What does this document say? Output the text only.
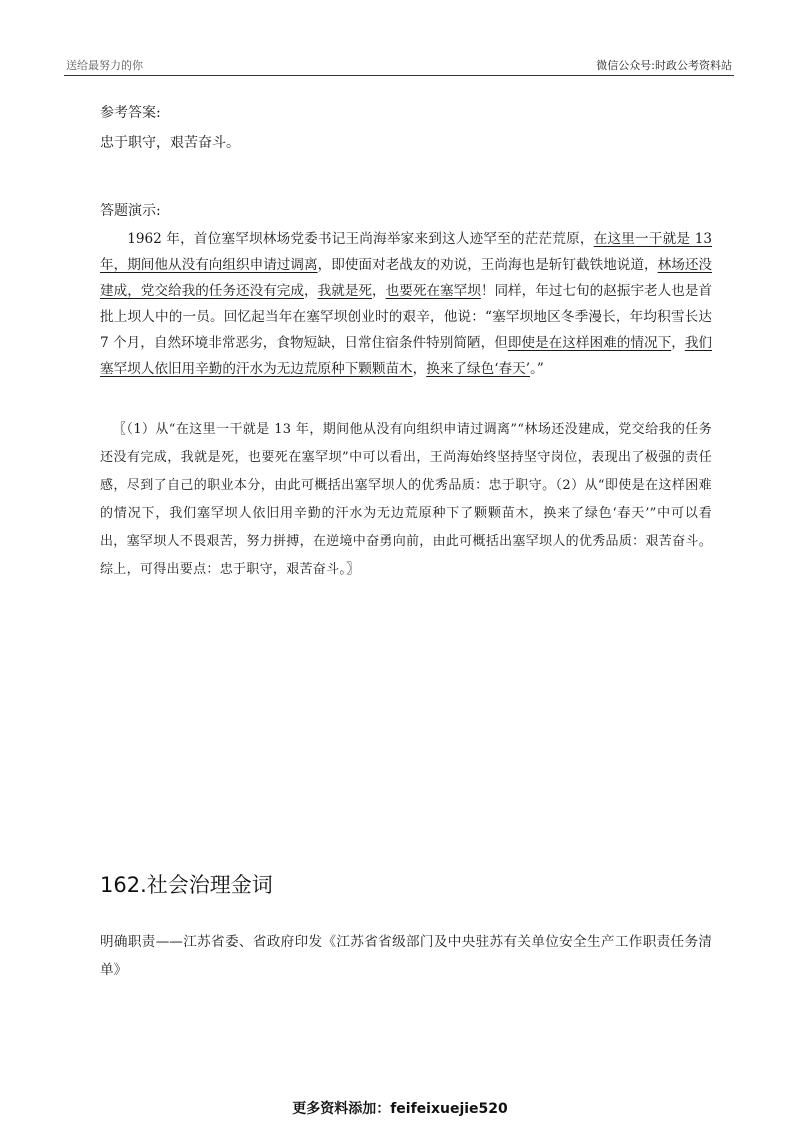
送给最努力的你	微信公众号:时政公考资料站
参考答案:
忠于职守，艰苦奋斗。
答题演示:

1962 年，首位塞罕坝林场党委书记王尚海举家来到这人迹罕至的茫茫荒原，在这里一干就是 13 年，期间他从没有向组织申请过调离，即使面对老战友的劝说，王尚海也是斩钉截铁地说道，林场还没建成，党交给我的任务还没有完成，我就是死，也要死在塞罕坝！同样，年过七旬的赵振宇老人也是首批上坝人中的一员。回忆起当年在塞罕坝创业时的艰辛，他说：“塞罕坝地区冬季漫长，年均积雪长达 7 个月，自然环境非常恶劣，食物短缺，日常住宿条件特别简陋，但即使是在这样困难的情况下，我们塞罕坝人依旧用辛勤的汗水为无边荒原种下颗颗苗木，换来了绿色‘春天’。”

〖（1）从“在这里一干就是 13 年，期间他从没有向组织申请过调离”“林场还没建成，党交给我的任务还没有完成，我就是死，也要死在塞罕坝”中可以看出，王尚海始终坚持坚守岗位，表现出了极强的责任感，尽到了自己的职业本分，由此可概括出塞罕坝人的优秀品质：忠于职守。（2）从“即使是在这样困难的情况下，我们塞罕坝人依旧用辛勤的汗水为无边荒原种下了颗颗苗木，换来了绿色‘春天’”中可以看出，塞罕坝人不畏艰苦，努力拼搏，在逆境中奋勇向前，由此可概括出塞罕坝人的优秀品质：艰苦奋斗。综上，可得出要点：忠于职守，艰苦奋斗。〗

162.社会治理金词

明确职责——江苏省委、省政府印发《江苏省省级部门及中央驻苏有关单位安全生产工作职责任务清单》

更多资料添加：feifeixuejie520
